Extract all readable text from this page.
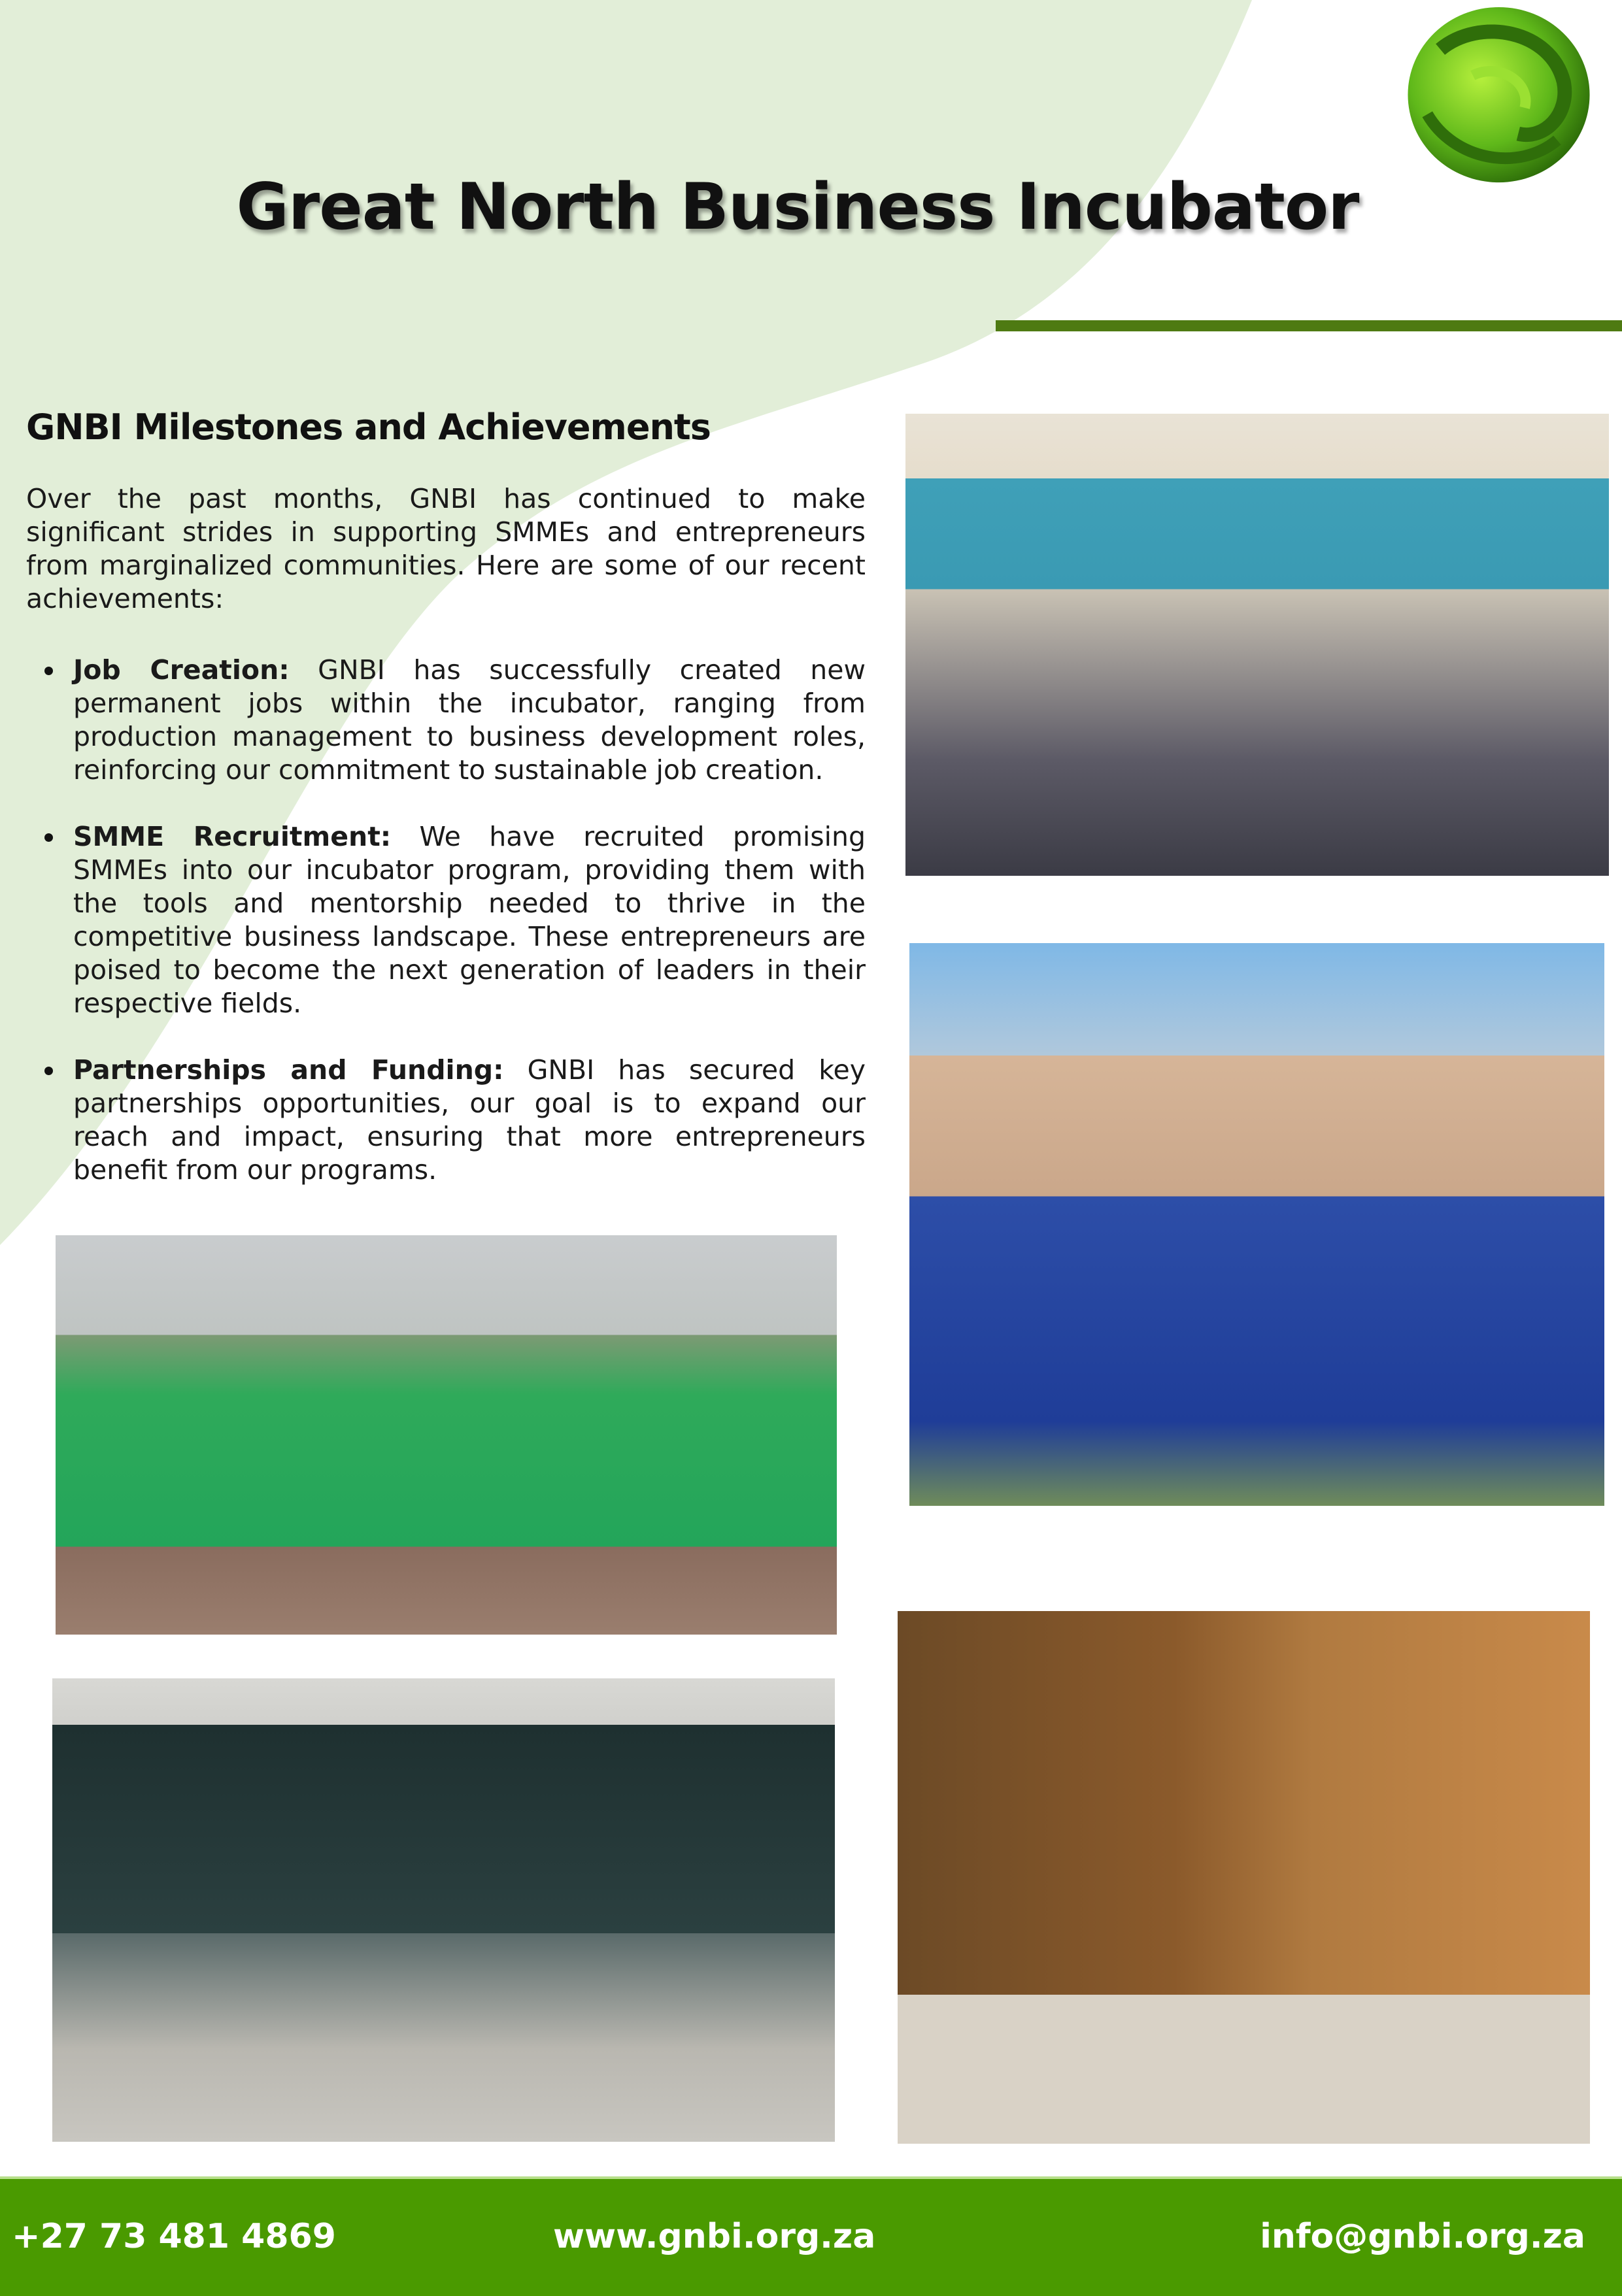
Great North Business Incubator
GNBI Milestones and Achievements
Over the past months, GNBI has continued to make significant strides in supporting SMMEs and entrepreneurs from marginalized communities. Here are some of our recent achievements:
Job Creation: GNBI has successfully created new permanent jobs within the incubator, ranging from production management to business development roles, reinforcing our commitment to sustainable job creation.
SMME Recruitment: We have recruited promising SMMEs into our incubator program, providing them with the tools and mentorship needed to thrive in the competitive business landscape. These entrepreneurs are poised to become the next generation of leaders in their respective fields.
Partnerships and Funding: GNBI has secured key partnerships opportunities, our goal is to expand our reach and impact, ensuring that more entrepreneurs benefit from our programs.
+27 73 481 4869	www.gnbi.org.za	info@gnbi.org.za
